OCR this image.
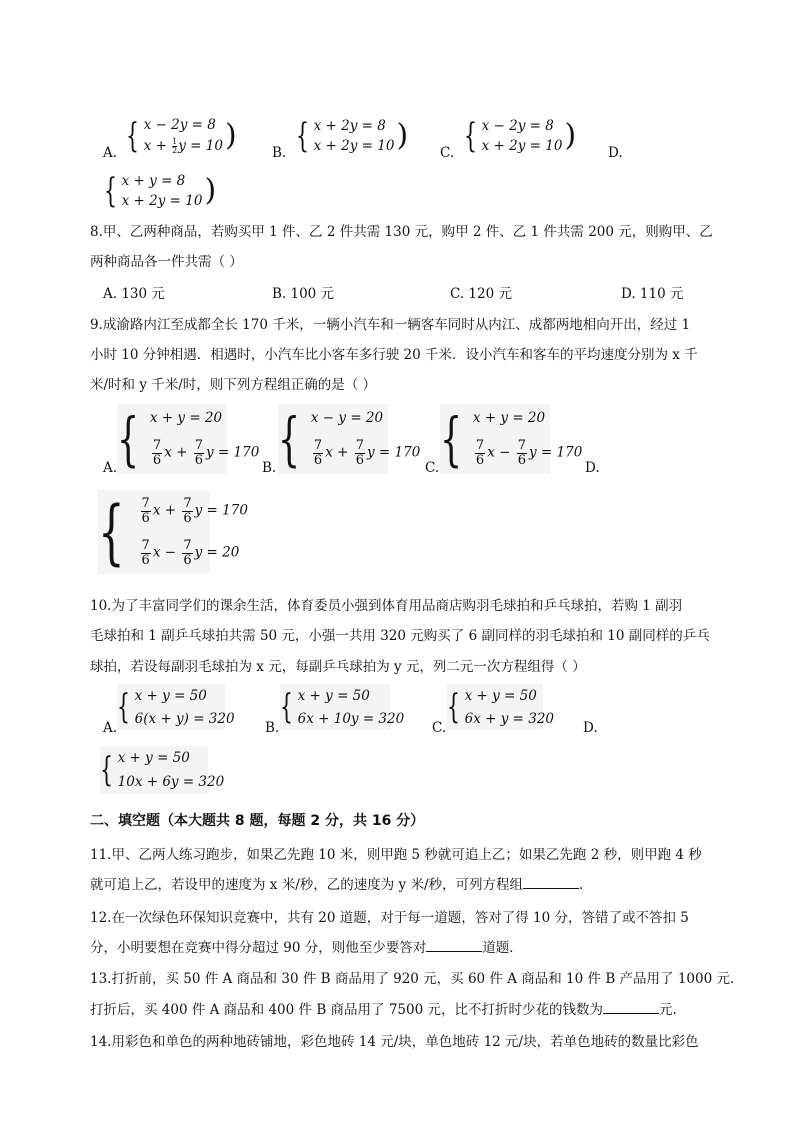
A. { x − 2y = 8
$x + \frac{1}{2}$ y = 10 )	B. { x + 2y = 8
x + 2y = 10 ) C. { x − 2y = 8
x + 2y = 10 ) D.
{ x + y = 8
x + 2y = 10 )
8.甲、乙两种商品，若购买甲 1 件、乙 2 件共需 130 元，购甲 2 件、乙 1 件共需 200 元，则购甲、乙
两种商品各一件共需（ ）
A. 130 元	B. 100 元	C. 120 元	D. 110 元
9.成渝路内江至成都全长 170 千米，一辆小汽车和一辆客车同时从内江、成都两地相向开出，经过 1
小时 10 分钟相遇．相遇时，小汽车比小客车多行驶 20 千米．设小汽车和客车的平均速度分别为 x 千
米/时和 y 千米/时，则下列方程组正确的是（ ）
A. { x + y = 20
$\frac{7}{6}$ $x + \frac{7}{6}$ y = 170
B. { x − y = 20
$\frac{7}{6}$ $x + \frac{7}{6}$ y = 170
C. { x + y = 20
$\frac{7}{6}$ $x - \frac{7}{6}$ y = 170
D.
{ $\frac{7}{6}$ $x + \frac{7}{6}$ y = 170
$\frac{7}{6}$ $x - \frac{7}{6}$ y = 20
10.为了丰富同学们的课余生活，体育委员小强到体育用品商店购羽毛球拍和乒乓球拍，若购 1 副羽
毛球拍和 1 副乒乓球拍共需 50 元，小强一共用 320 元购买了 6 副同样的羽毛球拍和 10 副同样的乒乓
球拍，若设每副羽毛球拍为 x 元，每副乒乓球拍为 y 元，列二元一次方程组得（ ）
A.
{ x + y = 50
6(x + y) = 320
B.
{ x + y = 50
6x + 10y = 320
C.
{ x + y = 50
6x + y = 320
D.
{ x + y = 50
10x + 6y = 320
二、填空题（本大题共 8 题，每题 2 分，共 16 分）
11.甲、乙两人练习跑步，如果乙先跑 10 米，则甲跑 5 秒就可追上乙；如果乙先跑 2 秒，则甲跑 4 秒
就可追上乙，若设甲的速度为 x 米/秒，乙的速度为 y 米/秒，可列方程组	.
12.在一次绿色环保知识竞赛中，共有 20 道题，对于每一道题，答对了得 10 分，答错了或不答扣 5
分，小明要想在竞赛中得分超过 90 分，则他至少要答对	道题．
13.打折前，买 50 件 A 商品和 30 件 B 商品用了 920 元，买 60 件 A 商品和 10 件 B 产品用了 1000 元.
打折后，买 400 件 A 商品和 400 件 B 商品用了 7500 元，比不打折时少花的钱数为	元.
14.用彩色和单色的两种地砖铺地，彩色地砖 14 元/块，单色地砖 12 元/块，若单色地砖的数量比彩色
